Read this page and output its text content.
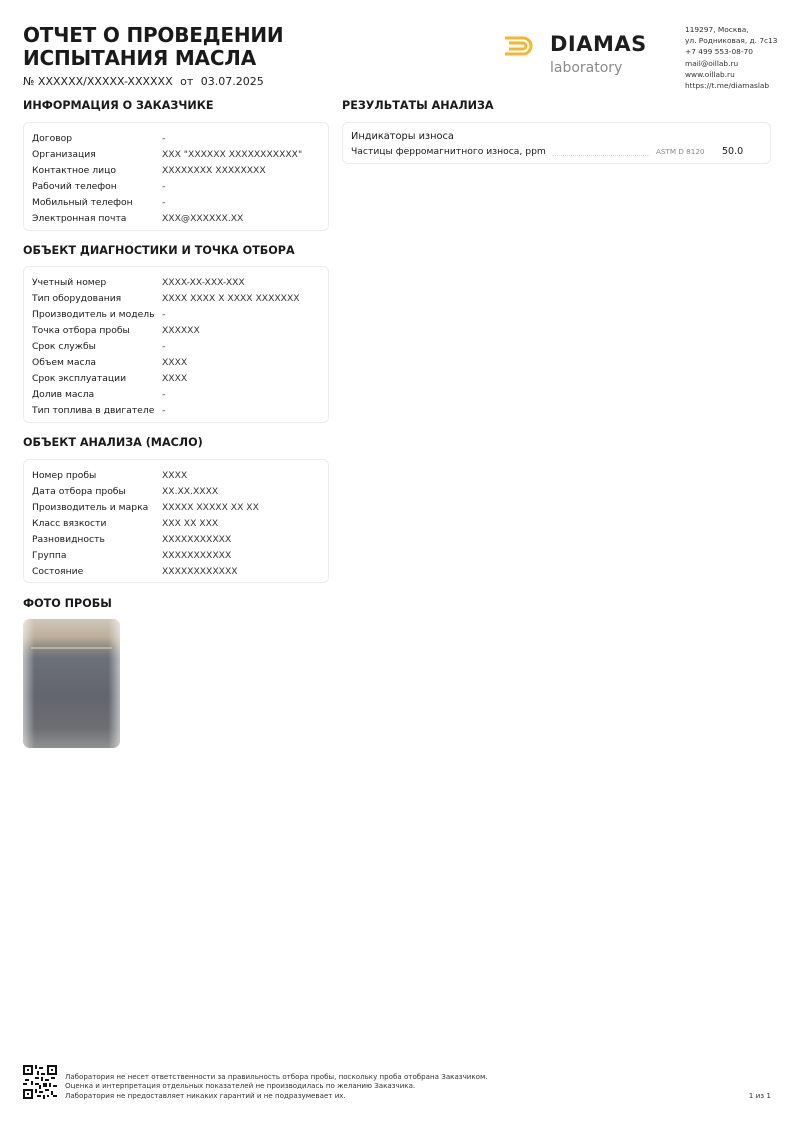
ОТЧЕТ О ПРОВЕДЕНИИ
ИСПЫТАНИЯ МАСЛА
№ XXXXXX/XXXXX-XXXXXX от 03.07.2025
DIAMAS
laboratory
119297, Москва,
ул. Родниковая, д. 7с13
+7 499 553-08-70
mail@oillab.ru
www.oillab.ru
https://t.me/diamaslab
ИНФОРМАЦИЯ О ЗАКАЗЧИКЕ
Договор	-
Организация	XXX "XXXXXX XXXXXXXXXXX"
Контактное лицо	XXXXXXXX XXXXXXXX
Рабочий телефон	-
Мобильный телефон	-
Электронная почта	XXX@XXXXXX.XX
ОБЪЕКТ ДИАГНОСТИКИ И ТОЧКА ОТБОРА
Учетный номер	XXXX-XX-XXX-XXX
Тип оборудования	XXXX XXXX X XXXX XXXXXXX
Производитель и модель -
Точка отбора пробы	XXXXXX
Срок службы	-
Объем масла	XXXX
Срок эксплуатации	XXXX
Долив масла	-
Тип топлива в двигателе -
ОБЪЕКТ АНАЛИЗА (МАСЛО)
Номер пробы	XXXX
Дата отбора пробы	XX.XX.XXXX
Производитель и марка	XXXXX XXXXX XX XX
Класс вязкости	XXX XX XXX
Разновидность	XXXXXXXXXXX
Группа	XXXXXXXXXXX
Состояние	XXXXXXXXXXXX
ФОТО ПРОБЫ
РЕЗУЛЬТАТЫ АНАЛИЗА
Индикаторы износа
Частицы ферромагнитного износа, ppm	ASTM D 8120	50.0
Лаборатория не несет ответственности за правильность отбора пробы, поскольку проба отобрана Заказчиком.
Оценка и интерпретация отдельных показателей не производилась по желанию Заказчика.
Лаборатория не предоставляет никаких гарантий и не подразумевает их.	1 из 1
